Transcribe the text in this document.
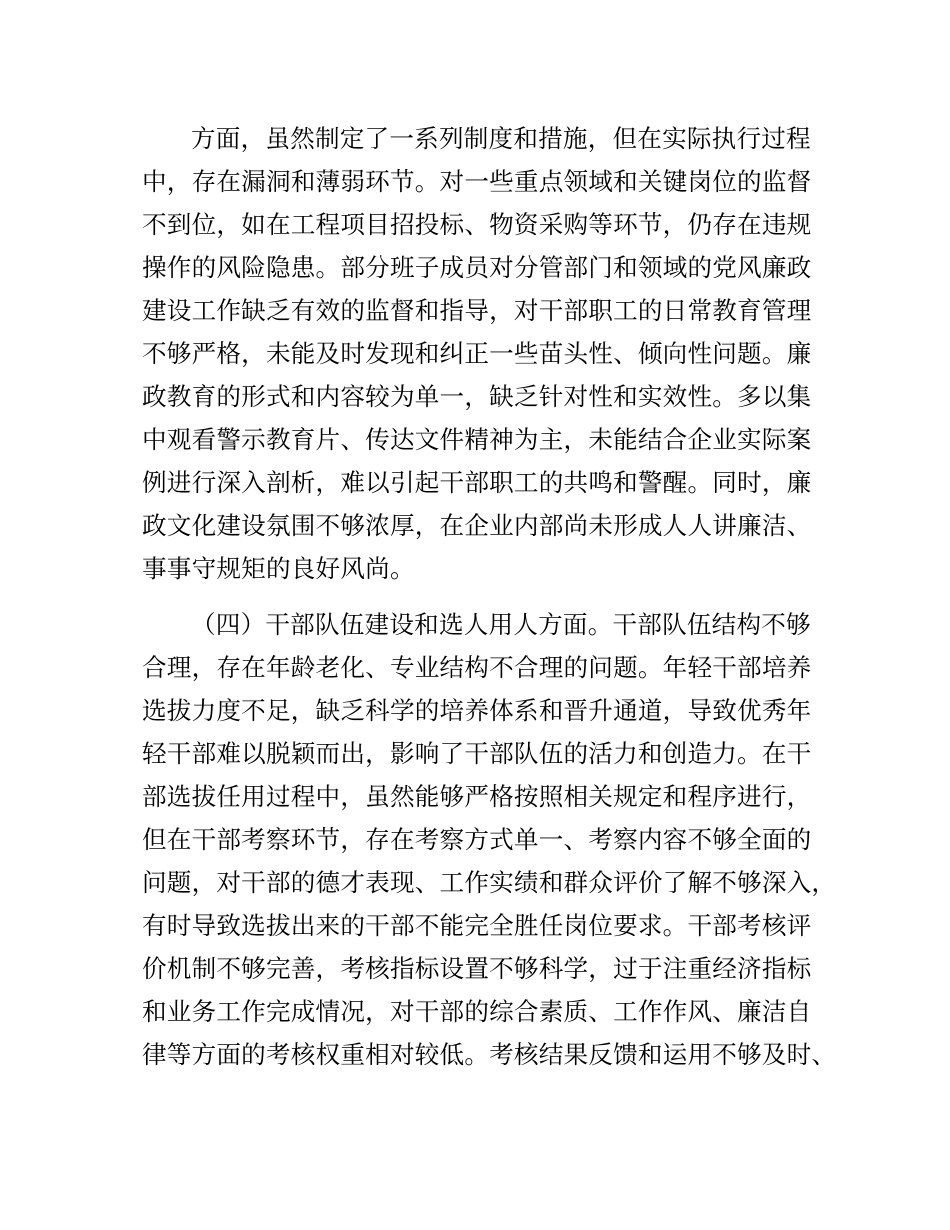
方面，虽然制定了一系列制度和措施，但在实际执行过程
中，存在漏洞和薄弱环节。对一些重点领域和关键岗位的监督
不到位，如在工程项目招投标、物资采购等环节，仍存在违规
操作的风险隐患。部分班子成员对分管部门和领域的党风廉政
建设工作缺乏有效的监督和指导，对干部职工的日常教育管理
不够严格，未能及时发现和纠正一些苗头性、倾向性问题。廉
政教育的形式和内容较为单一，缺乏针对性和实效性。多以集
中观看警示教育片、传达文件精神为主，未能结合企业实际案
例进行深入剖析，难以引起干部职工的共鸣和警醒。同时，廉
政文化建设氛围不够浓厚，在企业内部尚未形成人人讲廉洁、
事事守规矩的良好风尚。
（四）干部队伍建设和选人用人方面。干部队伍结构不够
合理，存在年龄老化、专业结构不合理的问题。年轻干部培养
选拔力度不足，缺乏科学的培养体系和晋升通道，导致优秀年
轻干部难以脱颖而出，影响了干部队伍的活力和创造力。在干
部选拔任用过程中，虽然能够严格按照相关规定和程序进行，
但在干部考察环节，存在考察方式单一、考察内容不够全面的
问题，对干部的德才表现、工作实绩和群众评价了解不够深入，
有时导致选拔出来的干部不能完全胜任岗位要求。干部考核评
价机制不够完善，考核指标设置不够科学，过于注重经济指标
和业务工作完成情况，对干部的综合素质、工作作风、廉洁自
律等方面的考核权重相对较低。考核结果反馈和运用不够及时、
